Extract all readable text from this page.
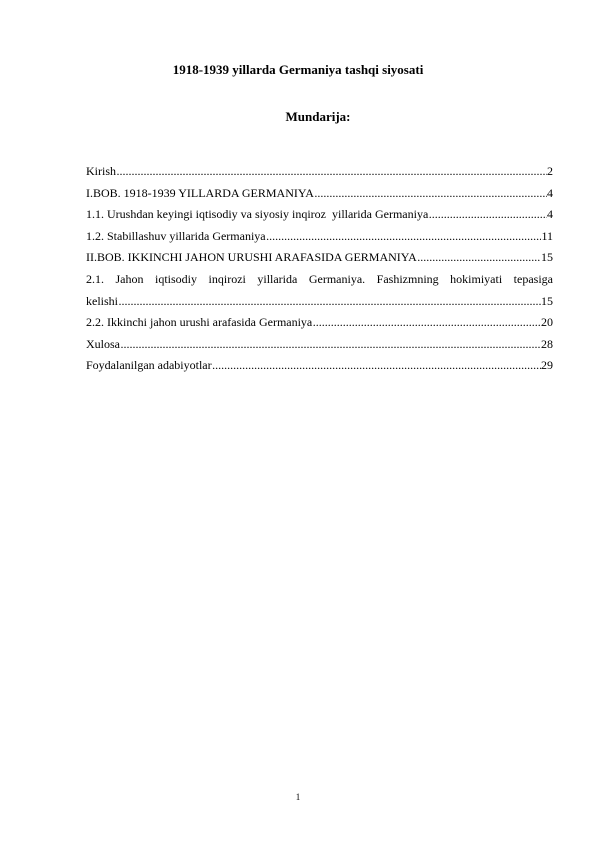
1918-1939 yillarda Germaniya tashqi siyosati
Mundarija:
Kirish .....	2
I.BOB. 1918-1939 YILLARDA GERMANIYA .....	4
1.1. Urushdan keyingi iqtisodiy va siyosiy inqiroz  yillarida Germaniya .....	4
1.2. Stabillashuv yillarida Germaniya .....	11
II.BOB. IKKINCHI JAHON URUSHI ARAFASIDA GERMANIYA .....	15
2.1. Jahon iqtisodiy inqirozi yillarida Germaniya. Fashizmning hokimiyati tepasiga
kelishi .....	15
2.2. Ikkinchi jahon urushi arafasida Germaniya .....	20
Xulosa .....	28
Foydalanilgan adabiyotlar .....	29
1
